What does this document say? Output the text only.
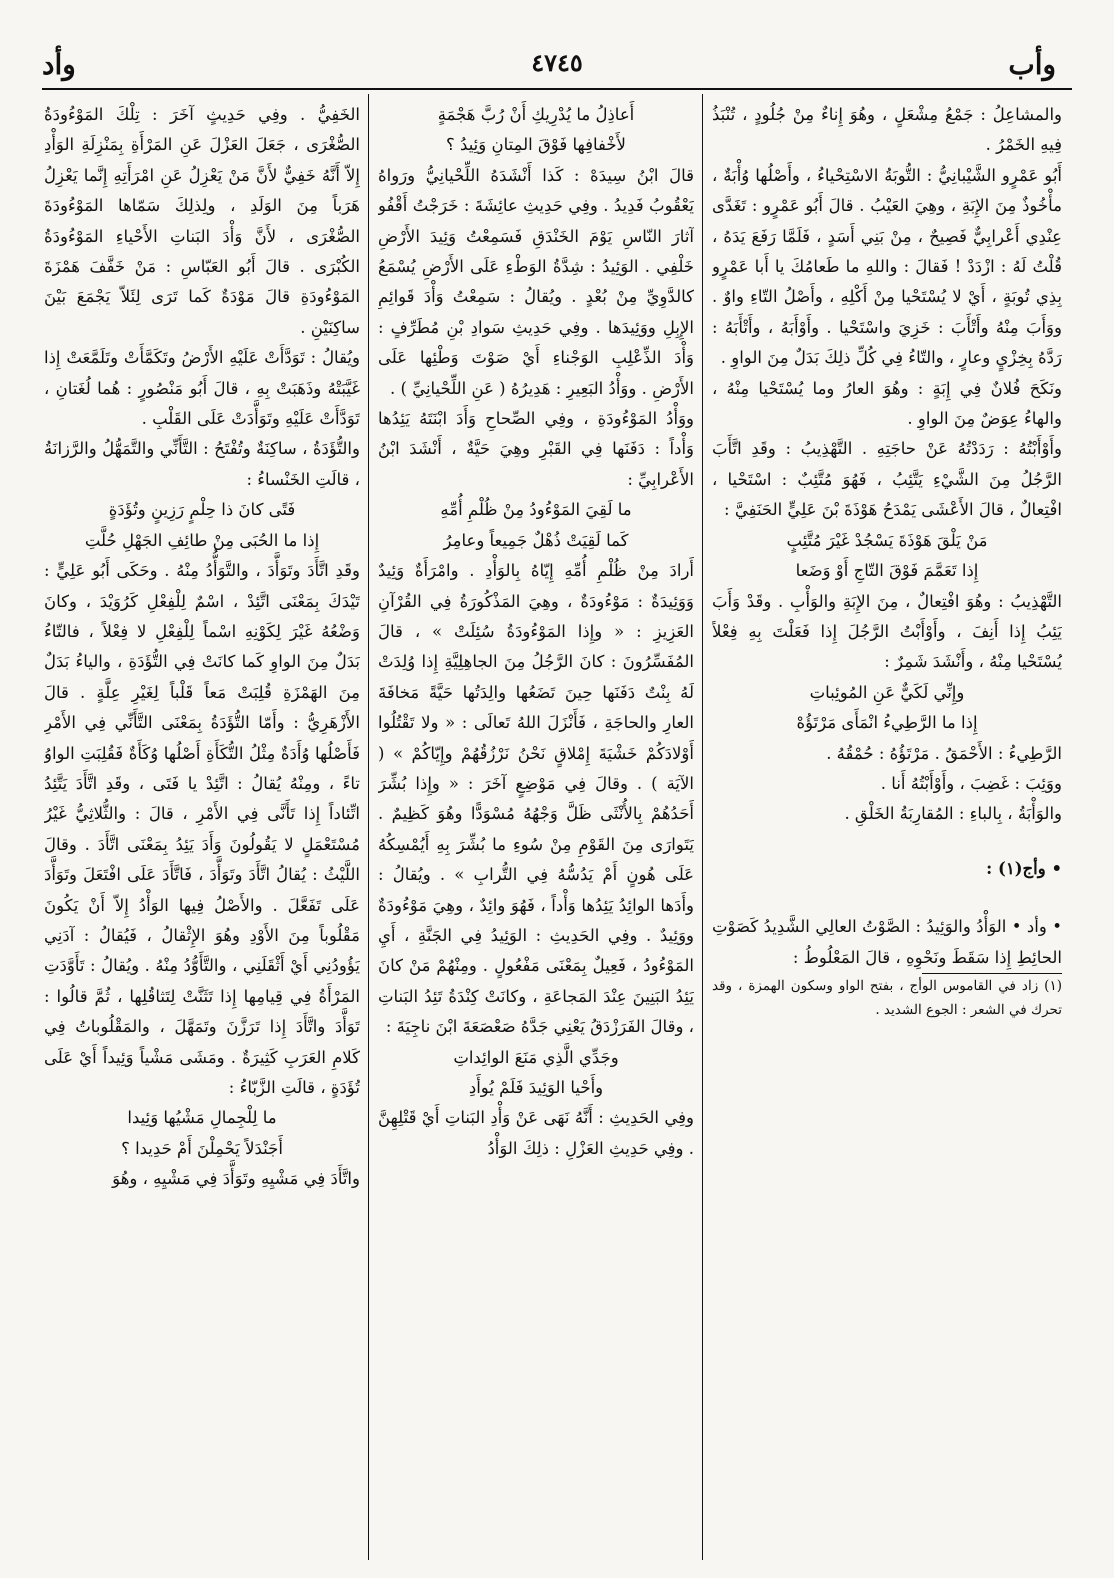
وأب
٤٧٤٥
وأد

والمشاعِلُ : جَمْعُ مِشْعَلٍ ، وهُوَ إِناءٌ مِنْ جُلُودٍ ، تُنْبَذُ فِيهِ الخَمْرُ .

أَبُو عَمْرٍو الشَّيْبانِيُّ : التُّوبَةُ الاسْتِحْياءُ ، وأَصْلُها وُأْبَةٌ ، مأْخُوذٌ مِنَ الإِبَةِ ، وهِيَ العَيْبُ . قالَ أَبُو عَمْرٍو : تَغَدَّى عِنْدِي أَعْرابِيٌّ فَصِيحٌ ، مِنْ بَنِي أَسَدٍ ، فَلَمَّا رَفَعَ يَدَهُ ، قُلْتُ لَهُ : ازْدَدْ ! فَقالَ : واللهِ ما طَعامُكَ يا أَبا عَمْرٍو بِذِي تُوبَةٍ ، أَيْ لا يُسْتَحْيا مِنْ أَكْلِهِ ، وأَصْلُ التّاءِ واوٌ . ووَأَبَ مِنْهُ وأَتْأَبَ : خَزِيَ واسْتَحْيا . وأَوْأَبَهُ ، وأَتْأَبَهُ : رَدَّهُ بِخِزْيٍ وعارٍ ، والتّاءُ فِي كُلِّ ذلِكَ بَدَلٌ مِنَ الواوِ .

ونَكَحَ فُلانٌ فِي إِبَةٍ : وهُوَ العارُ وما يُسْتَحْيا مِنْهُ ، والهاءُ عِوَضٌ مِنَ الواوِ .

وأَوْأَبْتُهُ : رَدَدْتُهُ عَنْ حاجَتِهِ . التَّهْذِيبُ : وقَدِ اتَّأَبَ الرَّجُلُ مِنَ الشَّيْءِ يَتَّئِبُ ، فَهُوَ مُتَّئِبٌ : اسْتَحْيا ، افْتِعالٌ ، قالَ الأَعْشَى يَمْدَحُ هَوْذَةَ بْنَ عَلِيٍّ الحَنَفِيَّ :

مَنْ يَلْقَ هَوْذَةَ يَسْجُدْ غَيْرَ مُتَّئِبٍ
إِذا تَعَمَّمَ فَوْقَ التّاجِ أَوْ وَضَعا

التَّهْذِيبُ : وهُوَ افْتِعالٌ ، مِنَ الإِبَةِ والوَأْبِ . وقَدْ وَأَبَ يَئِبُ إِذا أَنِفَ ، وأَوْأَبْتُ الرَّجُلَ إِذا فَعَلْتَ بِهِ فِعْلاً يُسْتَحْيا مِنْهُ ، وأَنْشَدَ شَمِرٌ :

وإِنِّي لَكَيٌّ عَنِ المُوئِباتِ
إِذا ما الرَّطِيءُ انْمَأَى مَرْتَؤُهْ

الرَّطِيءُ : الأَحْمَقُ . مَرْتَؤُهُ : حُمْقُهُ .

ووَئِبَ : غَضِبَ ، وأَوْأَبْتُهُ أَنا .

والوَأْبَةُ ، بِالباءِ : المُقارِبَةُ الخَلْقِ .

• وأج(١) :

• وأد • الوَأْدُ والوَئِيدُ : الصَّوْتُ العالِي الشَّدِيدُ كَصَوْتِ الحائِطِ إِذا سَقَطَ ونَحْوِهِ ، قالَ المَعْلُوطُ :

(١) زاد في القاموس الوأج ، بفتح الواو وسكون الهمزة ، وقد تحرك في الشعر : الجوع الشديد .

أَعاذِلُ ما يُدْرِيكِ أَنْ رُبَّ هَجْمَةٍ
لأَخْفافِها فَوْقَ المِتانِ وَئِيدُ ؟

قالَ ابْنُ سِيدَهْ : كَذا أَنْشَدَهُ اللِّحْيانِيُّ ورَواهُ يَعْقُوبُ فَدِيدُ . وفِي حَدِيثِ عائِشَةَ : خَرَجْتُ أَقْفُو آثارَ النّاسِ يَوْمَ الخَنْدَقِ فَسَمِعْتُ وَئِيدَ الأَرْضِ خَلْفِي . الوَئِيدُ : شِدَّةُ الوَطْءِ عَلَى الأَرْضِ يُسْمَعُ كالدَّوِيِّ مِنْ بُعْدٍ . ويُقالُ : سَمِعْتُ وَأْدَ قَوائِمِ الإِبِلِ ووَئِيدَها . وفِي حَدِيثِ سَوادِ بْنِ مُطَرِّفٍ : وَأْدَ الذِّعْلِبِ الوَجْناءِ أَيْ صَوْتَ وَطْئِها عَلَى الأَرْضِ . ووَأْدُ البَعِيرِ : هَدِيرُهُ ( عَنِ اللِّحْيانِيِّ ) .

ووَأْدُ المَوْءُودَةِ ، وفِي الصِّحاحِ وَأَدَ ابْنَتَهُ يَئِدُها وَأْداً : دَفَنَها فِي القَبْرِ وهِيَ حَيَّةٌ ، أَنْشَدَ ابْنُ الأَعْرابِيِّ :

ما لَقِيَ المَوْءُودُ مِنْ ظُلْمِ أُمِّهِ
كَما لَقِيَتْ ذُهْلٌ جَمِيعاً وعامِرُ

أَرادَ مِنْ ظُلْمِ أُمِّهِ إِيّاهُ بِالوَأْدِ . وامْرَأَةٌ وَئِيدٌ وَوَئِيدَةٌ : مَوْءُودَةٌ ، وهِيَ المَذْكُورَةُ فِي القُرْآنِ العَزِيزِ : « وإِذا المَوْءُودَةُ سُئِلَتْ » ، قالَ المُفَسِّرُونَ : كانَ الرَّجُلُ مِنَ الجاهِلِيَّةِ إِذا وُلِدَتْ لَهُ بِنْتٌ دَفَنَها حِينَ تَضَعُها والِدَتُها حَيَّةً مَخافَةَ العارِ والحاجَةِ ، فَأَنْزَلَ اللهُ تَعالَى : « ولا تَقْتُلُوا أَوْلادَكُمْ خَشْيَةَ إِمْلاقٍ نَحْنُ نَرْزُقُهُمْ وإِيّاكُمْ » ( الآيَة ) . وقالَ فِي مَوْضِعٍ آخَرَ : « وإِذا بُشِّرَ أَحَدُهُمْ بِالأُنْثَى ظَلَّ وَجْهُهُ مُسْوَدًّا وهُوَ كَظِيمٌ . يَتَوارَى مِنَ القَوْمِ مِنْ سُوءِ ما بُشِّرَ بِهِ أَيُمْسِكُهُ عَلَى هُونٍ أَمْ يَدُسُّهُ فِي التُّرابِ » . ويُقالُ : وأَدَها الوائِدُ يَئِدُها وَأْداً ، فَهُوَ وائِدٌ ، وهِيَ مَوْءُودَةٌ ووَئِيدٌ . وفِي الحَدِيثِ : الوَئِيدُ فِي الجَنَّةِ ، أَيِ المَوْءُودُ ، فَعِيلٌ بِمَعْنَى مَفْعُولٍ . ومِنْهُمْ مَنْ كانَ يَئِدُ البَنِينَ عِنْدَ المَجاعَةِ ، وكانَتْ كِنْدَةُ تَئِدُ البَناتِ ، وقالَ الفَرَزْدَقُ يَعْنِي جَدَّهُ صَعْصَعَةَ ابْنَ ناجِيَةَ :

وجَدِّي الَّذِي مَنَعَ الوائِداتِ
وأَحْيا الوَئِيدَ فَلَمْ يُوأَدِ

وفِي الحَدِيثِ : أَنَّهُ نَهَى عَنْ وَأْدِ البَناتِ أَيْ قَتْلِهِنَّ . وفِي حَدِيثِ العَزْلِ : ذلِكَ الوَأْدُ

الخَفِيُّ . وفِي حَدِيثٍ آخَرَ : تِلْكَ المَوْءُودَةُ الصُّغْرَى ، جَعَلَ العَزْلَ عَنِ المَرْأَةِ بِمَنْزِلَةِ الوَأْدِ إِلاّ أَنَّهُ خَفِيٌّ لأَنَّ مَنْ يَعْزِلُ عَنِ امْرَأَتِهِ إِنَّما يَعْزِلُ هَرَباً مِنَ الوَلَدِ ، ولِذلِكَ سَمّاها المَوْءُودَةَ الصُّغْرَى ، لأَنَّ وَأْدَ البَناتِ الأَحْياءِ المَوْءُودَةُ الكُبْرَى . قالَ أَبُو العَبّاسِ : مَنْ خَفَّفَ هَمْزَةَ المَوْءُودَةِ قالَ مَوْدَةٌ كَما تَرَى لِئَلاّ يَجْمَعَ بَيْنَ ساكِنَيْنِ .

ويُقالُ : تَوَدَّأَتْ عَلَيْهِ الأَرْضُ وتَكَمَّأَتْ وتَلَمَّعَتْ إِذا غَيَّبَتْهُ وذَهَبَتْ بِهِ ، قالَ أَبُو مَنْصُورٍ : هُما لُغَتانِ ، تَوَدَّأَتْ عَلَيْهِ وتَوَأَّدَتْ عَلَى القَلْبِ .

والتُّؤَدَةُ ، ساكِنَةٌ وتُفْتَحُ : التَّأَنِّي والتَّمَهُّلُ والرَّزانَةُ ، قالَتِ الخَنْساءُ :

فَتًى كانَ ذا حِلْمٍ رَزِينٍ وتُؤَدَةٍ
إِذا ما الحُبَى مِنْ طائِفِ الجَهْلِ حُلَّتِ

وقَدِ اتَّأَدَ وتَوَأَّدَ ، والتَّوَأُّدُ مِنْهُ . وحَكَى أَبُو عَلِيٍّ : تَيْدَكَ بِمَعْنَى اتَّئِدْ ، اسْمٌ لِلْفِعْلِ كَرُوَيْدَ ، وكانَ وَضْعُهُ غَيْرَ لِكَوْنِهِ اسْماً لِلْفِعْلِ لا فِعْلاً ، فالتّاءُ بَدَلٌ مِنَ الواوِ كَما كانَتْ فِي التُّؤَدَةِ ، والياءُ بَدَلٌ مِنَ الهَمْزَةِ قُلِبَتْ مَعاً قَلْباً لِغَيْرِ عِلَّةٍ . قالَ الأَزْهَرِيُّ : وأَمّا التُّؤَدَةُ بِمَعْنَى التَّأَنِّي فِي الأَمْرِ فَأَصْلُها وُأَدَةٌ مِثْلُ التُّكَأَةِ أَصْلُها وُكَأَةٌ فَقُلِبَتِ الواوُ تاءً ، ومِنْهُ يُقالُ : اتَّئِدْ يا فَتَى ، وقَدِ اتَّأَدَ يَتَّئِدُ اتِّئاداً إِذا تَأَنَّى فِي الأَمْرِ ، قالَ : والثُّلاثِيُّ غَيْرُ مُسْتَعْمَلٍ لا يَقُولُونَ وَأَدَ يَئِدُ بِمَعْنَى اتَّأَدَ . وقالَ اللَّيْثُ : يُقالُ اتَّأَدَ وتَوَأَّدَ ، فَاتَّأَدَ عَلَى افْتَعَلَ وتَوَأَّدَ عَلَى تَفَعَّلَ . والأَصْلُ فِيها الوَأْدُ إِلاّ أَنْ يَكُونَ مَقْلُوباً مِنَ الأَوْدِ وهُوَ الإِثْقالُ ، فَيُقالُ : آدَنِي يَؤُودُنِي أَيْ أَثْقَلَنِي ، والتَّأَوُّدُ مِنْهُ . ويُقالُ : تَأَوَّدَتِ المَرْأَةُ فِي قِيامِها إِذا تَثَنَّتْ لِتَثاقُلِها ، ثُمَّ قالُوا : تَوَأَّدَ واتَّأَدَ إِذا تَرَزَّنَ وتَمَهَّلَ ، والمَقْلُوباتُ فِي كَلامِ العَرَبِ كَثِيرَةٌ . ومَشَى مَشْياً وَئِيداً أَيْ عَلَى تُؤَدَةٍ ، قالَتِ الزَّبّاءُ :

ما لِلْجِمالِ مَشْيُها وَئِيدا
أَجَنْدَلاً يَحْمِلْنَ أَمْ حَدِيدا ؟

واتَّأَدَ فِي مَشْيِهِ وتَوَأَّدَ فِي مَشْيِهِ ، وهُوَ
